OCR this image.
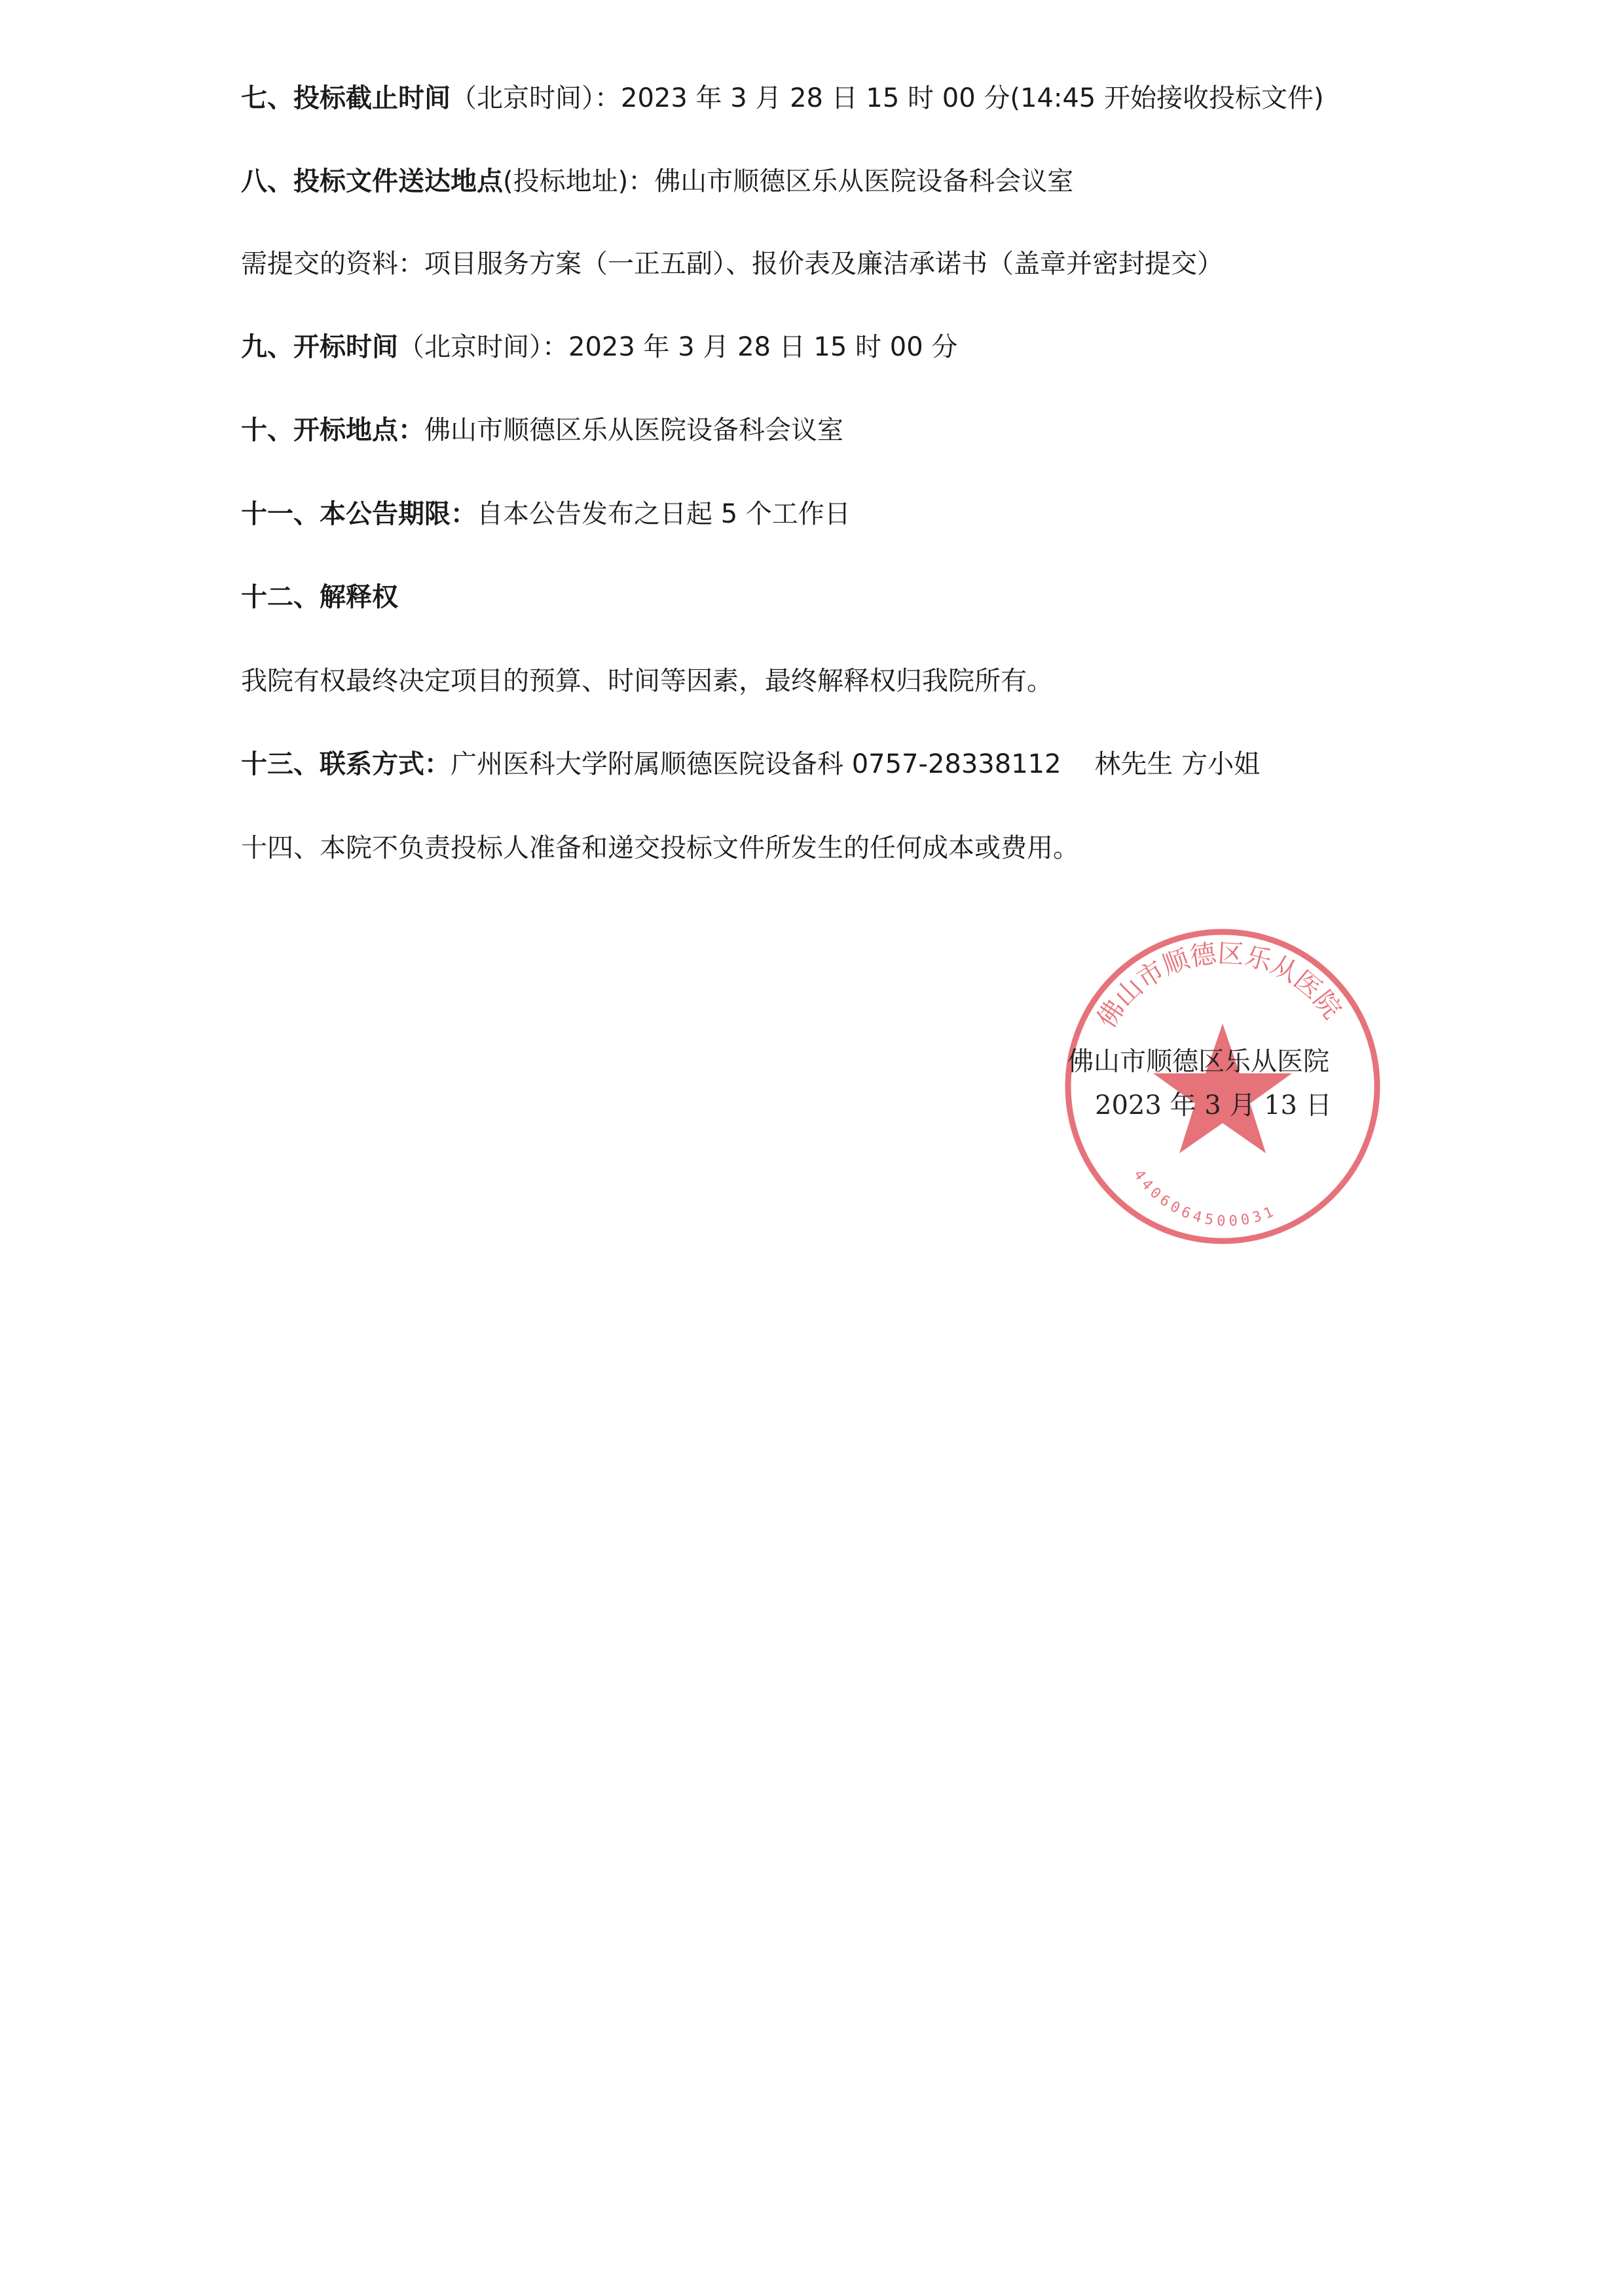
七、投标截止时间（北京时间）：2023 年 3 月 28 日 15 时 00 分(14:45 开始接收投标文件)
八、投标文件送达地点(投标地址)：佛山市顺德区乐从医院设备科会议室
需提交的资料：项目服务方案（一正五副）、报价表及廉洁承诺书（盖章并密封提交）
九、开标时间（北京时间）：2023 年 3 月 28 日 15 时 00 分
十、开标地点：佛山市顺德区乐从医院设备科会议室
十一、本公告期限：自本公告发布之日起 5 个工作日
十二、解释权
我院有权最终决定项目的预算、时间等因素，最终解释权归我院所有。
十三、联系方式：广州医科大学附属顺德医院设备科 0757-28338112    林先生 方小姐
十四、本院不负责投标人准备和递交投标文件所发生的任何成本或费用。
佛山市顺德区乐从医院
4406064500031
佛山市顺德区乐从医院
2023 年 3 月 13 日
